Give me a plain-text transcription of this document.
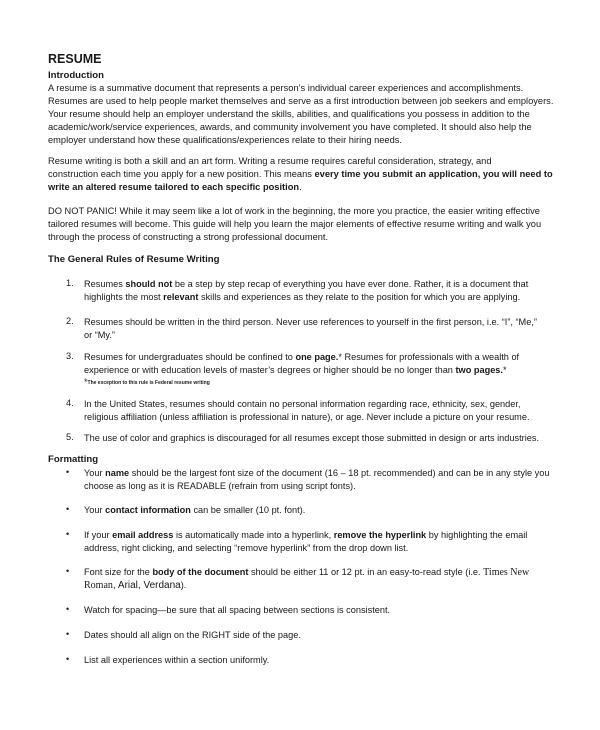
RESUME
Introduction
A resume is a summative document that represents a person’s individual career experiences and accomplishments.
Resumes are used to help people market themselves and serve as a first introduction between job seekers and employers.
Your resume should help an employer understand the skills, abilities, and qualifications you possess in addition to the
academic/work/service experiences, awards, and community involvement you have completed. It should also help the
employer understand how these qualifications/experiences relate to their hiring needs.
Resume writing is both a skill and an art form. Writing a resume requires careful consideration, strategy, and
construction each time you apply for a new position. This means every time you submit an application, you will need to
write an altered resume tailored to each specific position.
DO NOT PANIC! While it may seem like a lot of work in the beginning, the more you practice, the easier writing effective
tailored resumes will become. This guide will help you learn the major elements of effective resume writing and walk you
through the process of constructing a strong professional document.
The General Rules of Resume Writing
1. Resumes should not be a step by step recap of everything you have ever done. Rather, it is a document that
highlights the most relevant skills and experiences as they relate to the position for which you are applying.
2. Resumes should be written in the third person. Never use references to yourself in the first person, i.e. “I”, “Me,”
or “My.”
3. Resumes for undergraduates should be confined to one page.* Resumes for professionals with a wealth of
experience or with education levels of master’s degrees or higher should be no longer than two pages.*
*The exception to this rule is Federal resume writing
4. In the United States, resumes should contain no personal information regarding race, ethnicity, sex, gender,
religious affiliation (unless affiliation is professional in nature), or age. Never include a picture on your resume.
5. The use of color and graphics is discouraged for all resumes except those submitted in design or arts industries.
Formatting
• Your name should be the largest font size of the document (16 – 18 pt. recommended) and can be in any style you
choose as long as it is READABLE (refrain from using script fonts).
• Your contact information can be smaller (10 pt. font).
• If your email address is automatically made into a hyperlink, remove the hyperlink by highlighting the email
address, right clicking, and selecting “remove hyperlink” from the drop down list.
• Font size for the body of the document should be either 11 or 12 pt. in an easy-to-read style (i.e. Times New
Roman, Arial, Verdana).
• Watch for spacing—be sure that all spacing between sections is consistent.
• Dates should all align on the RIGHT side of the page.
• List all experiences within a section uniformly.
